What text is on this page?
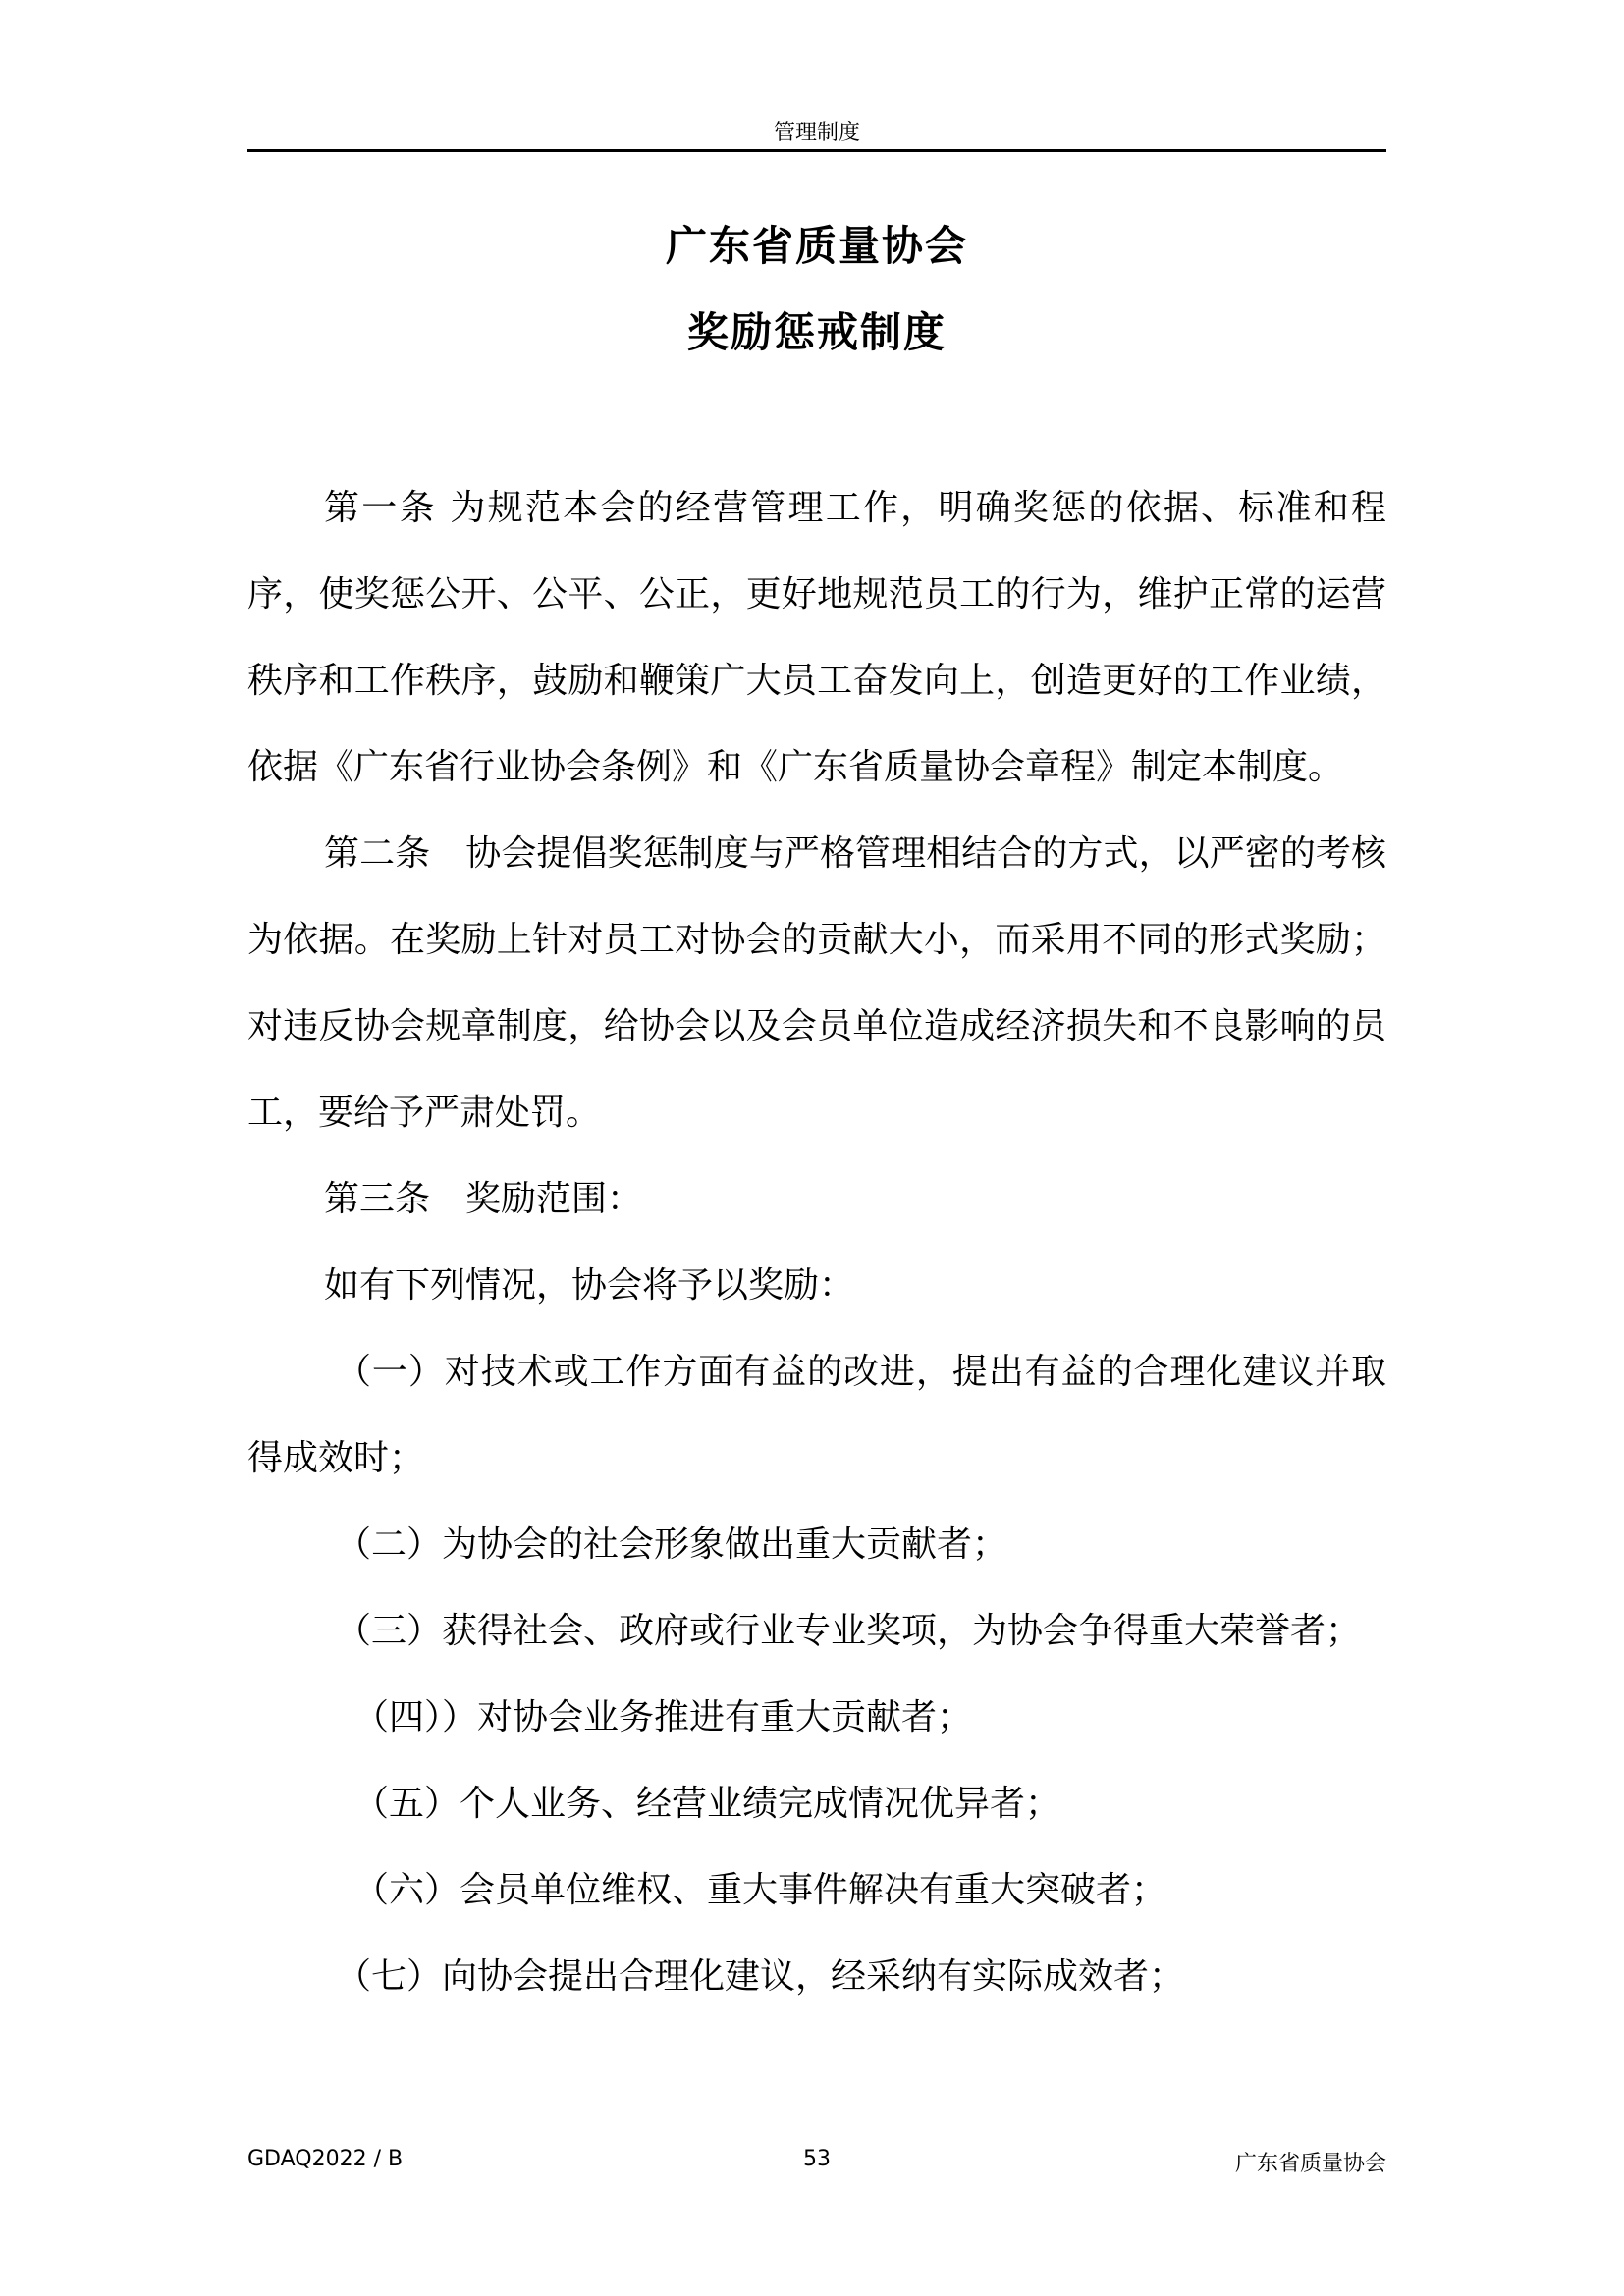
管理制度
广东省质量协会
奖励惩戒制度

第一条 为规范本会的经营管理工作，明确奖惩的依据、标准和程序，使奖惩公开、公平、公正，更好地规范员工的行为，维护正常的运营秩序和工作秩序，鼓励和鞭策广大员工奋发向上，创造更好的工作业绩，依据《广东省行业协会条例》和《广东省质量协会章程》制定本制度。

第二条　协会提倡奖惩制度与严格管理相结合的方式，以严密的考核为依据。在奖励上针对员工对协会的贡献大小，而采用不同的形式奖励；对违反协会规章制度，给协会以及会员单位造成经济损失和不良影响的员工，要给予严肃处罚。

第三条　奖励范围：

如有下列情况，协会将予以奖励：

（一）对技术或工作方面有益的改进，提出有益的合理化建议并取得成效时；

（二）为协会的社会形象做出重大贡献者；

（三）获得社会、政府或行业专业奖项，为协会争得重大荣誉者；

（四））对协会业务推进有重大贡献者；

（五）个人业务、经营业绩完成情况优异者；

（六）会员单位维权、重大事件解决有重大突破者；

（七）向协会提出合理化建议，经采纳有实际成效者；

GDAQ2022 / B	53	广东省质量协会
